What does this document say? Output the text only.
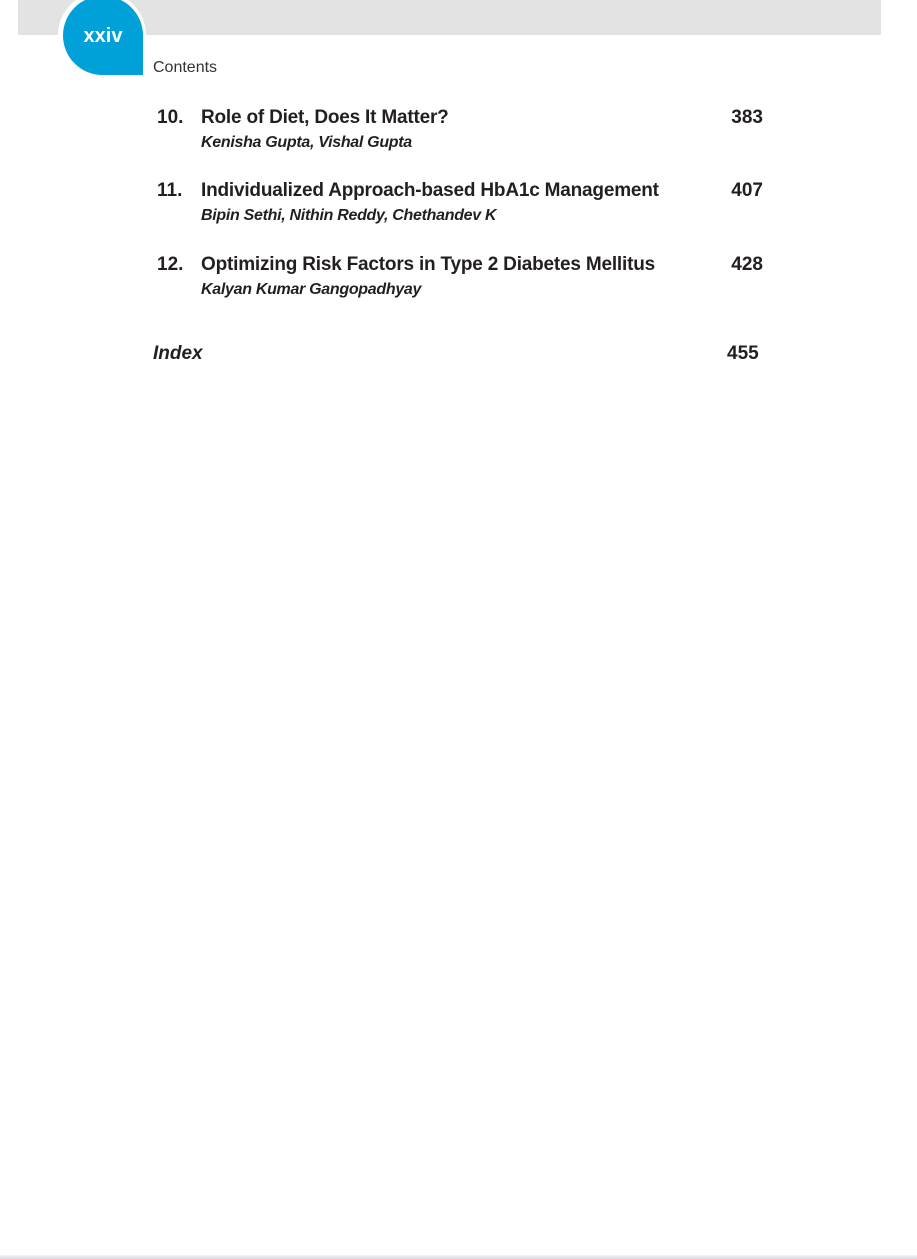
xxiv
Contents
10. Role of Diet, Does It Matter?	383
Kenisha Gupta, Vishal Gupta
11. Individualized Approach-based HbA1c Management	407
Bipin Sethi, Nithin Reddy, Chethandev K
12. Optimizing Risk Factors in Type 2 Diabetes Mellitus	428
Kalyan Kumar Gangopadhyay
Index	455
